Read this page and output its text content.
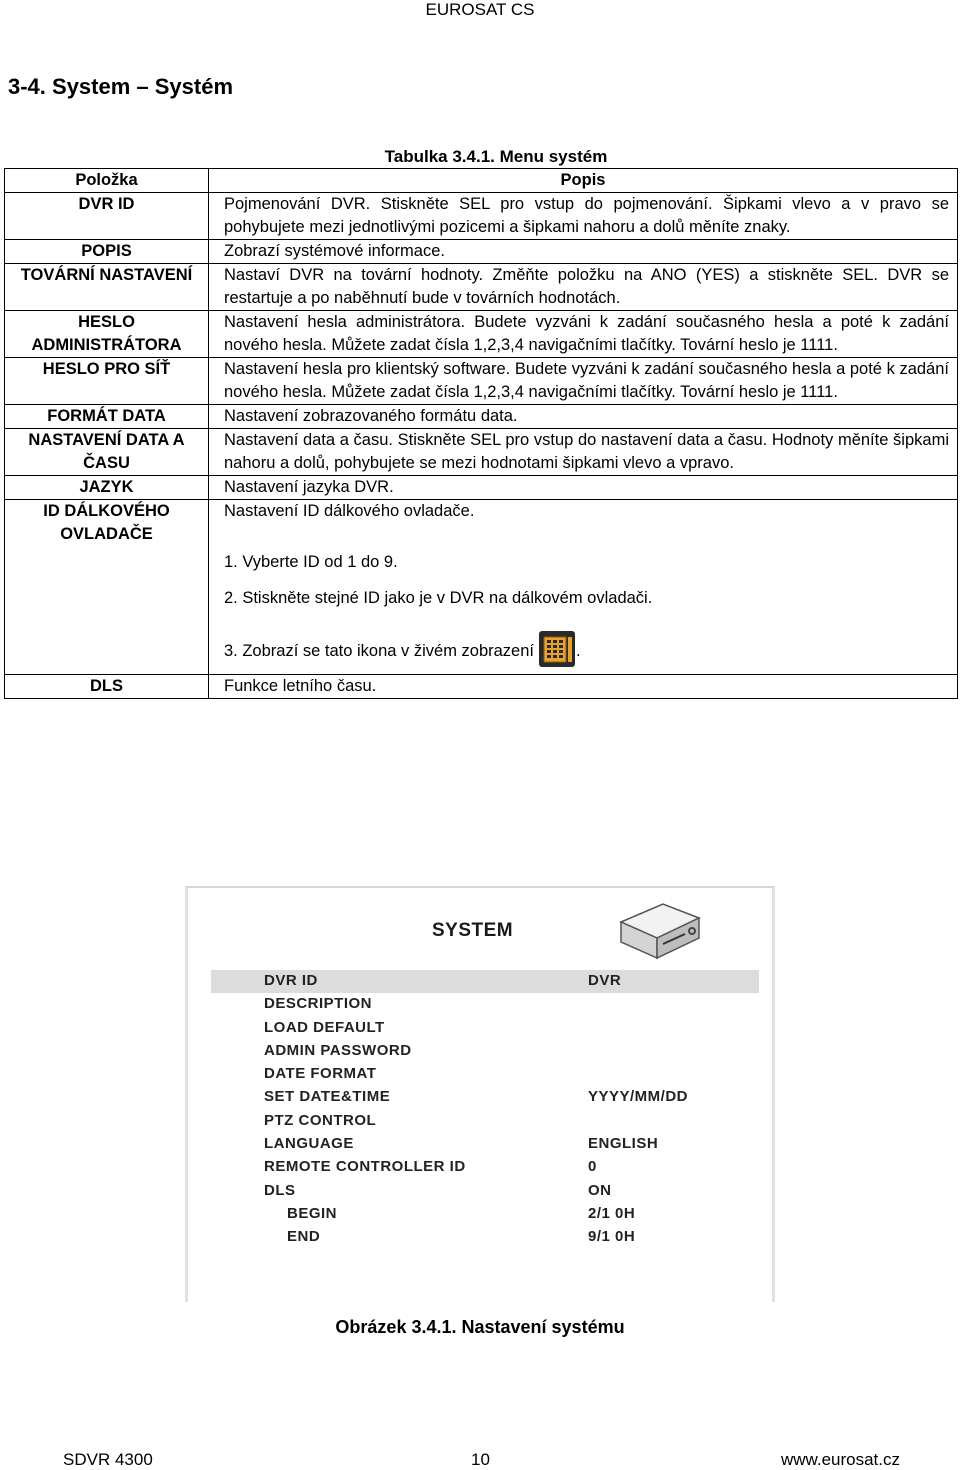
EUROSAT CS
3-4. System – Systém
Tabulka 3.4.1. Menu systém
Položka	Popis
DVR ID	Pojmenování DVR. Stiskněte SEL pro vstup do pojmenování. Šipkami vlevo a v pravo se pohybujete mezi jednotlivými pozicemi a šipkami nahoru a dolů měníte znaky.
POPIS	Zobrazí systémové informace.
TOVÁRNÍ NASTAVENÍ	Nastaví DVR na tovární hodnoty. Změňte položku na ANO (YES) a stiskněte SEL. DVR se restartuje a po naběhnutí bude v továrních hodnotách.
HESLO ADMINISTRÁTORA	Nastavení hesla administrátora. Budete vyzváni k zadání současného hesla a poté k zadání nového hesla. Můžete zadat čísla 1,2,3,4 navigačními tlačítky. Tovární heslo je 1111.
HESLO PRO SÍŤ	Nastavení hesla pro klientský software. Budete vyzváni k zadání současného hesla a poté k zadání nového hesla. Můžete zadat čísla 1,2,3,4 navigačními tlačítky. Tovární heslo je 1111.
FORMÁT DATA	Nastavení zobrazovaného formátu data.
NASTAVENÍ DATA A ČASU	Nastavení data a času. Stiskněte SEL pro vstup do nastavení data a času. Hodnoty měníte šipkami nahoru a dolů, pohybujete se mezi hodnotami šipkami vlevo a vpravo.
JAZYK	Nastavení jazyka DVR.
ID DÁLKOVÉHO OVLADAČE	Nastavení ID dálkového ovladače.
1. Vyberte ID od 1 do 9.
2. Stiskněte stejné ID jako je v DVR na dálkovém ovladači.
3. Zobrazí se tato ikona v živém zobrazení .

DLS	Funkce letního času.
SYSTEM
DVR ID	DVR
DESCRIPTION
LOAD DEFAULT
ADMIN PASSWORD
DATE FORMAT
SET DATE&TIME	YYYY/MM/DD
PTZ CONTROL
LANGUAGE	ENGLISH
REMOTE CONTROLLER ID	0
DLS	ON
BEGIN	2/1 0H
END	9/1 0H
Obrázek 3.4.1. Nastavení systému
SDVR 4300	10	www.eurosat.cz
